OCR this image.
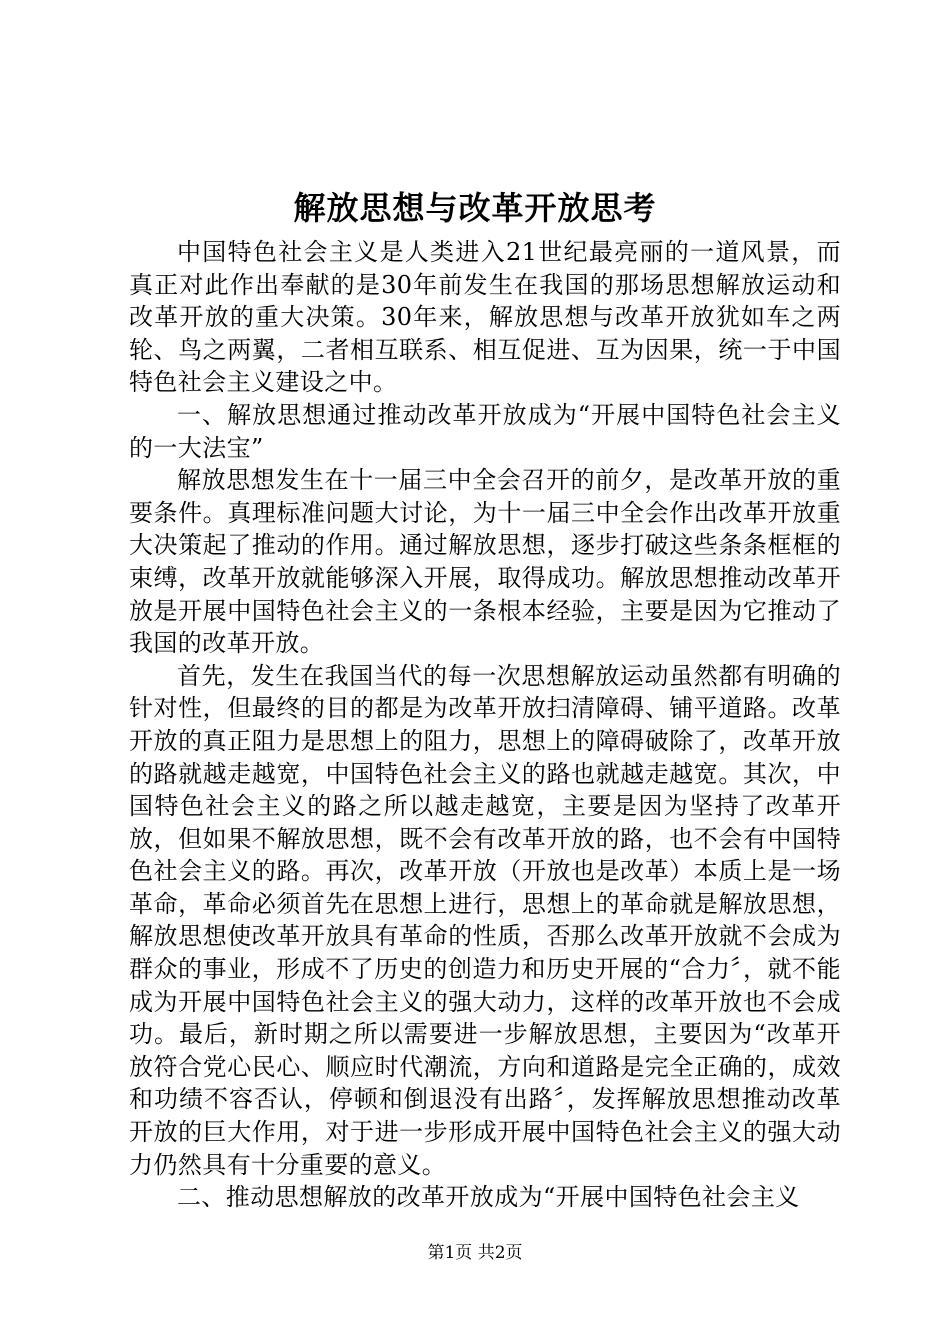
解放思想与改革开放思考

中国特色社会主义是人类进入21世纪最亮丽的一道风景，而真正对此作出奉献的是30年前发生在我国的那场思想解放运动和改革开放的重大决策。30年来，解放思想与改革开放犹如车之两轮、鸟之两翼，二者相互联系、相互促进、互为因果，统一于中国特色社会主义建设之中。

一、解放思想通过推动改革开放成为“开展中国特色社会主义的一大法宝”

解放思想发生在十一届三中全会召开的前夕，是改革开放的重要条件。真理标准问题大讨论，为十一届三中全会作出改革开放重大决策起了推动的作用。通过解放思想，逐步打破这些条条框框的束缚，改革开放就能够深入开展，取得成功。解放思想推动改革开放是开展中国特色社会主义的一条根本经验，主要是因为它推动了我国的改革开放。

首先，发生在我国当代的每一次思想解放运动虽然都有明确的针对性，但最终的目的都是为改革开放扫清障碍、铺平道路。改革开放的真正阻力是思想上的阻力，思想上的障碍破除了，改革开放的路就越走越宽，中国特色社会主义的路也就越走越宽。其次，中国特色社会主义的路之所以越走越宽，主要是因为坚持了改革开放，但如果不解放思想，既不会有改革开放的路，也不会有中国特色社会主义的路。再次，改革开放（开放也是改革）本质上是一场革命，革命必须首先在思想上进行，思想上的革命就是解放思想，解放思想使改革开放具有革命的性质，否那么改革开放就不会成为群众的事业，形成不了历史的创造力和历史开展的“合力〞，就不能成为开展中国特色社会主义的强大动力，这样的改革开放也不会成功。最后，新时期之所以需要进一步解放思想，主要因为“改革开放符合党心民心、顺应时代潮流，方向和道路是完全正确的，成效和功绩不容否认，停顿和倒退没有出路〞，发挥解放思想推动改革开放的巨大作用，对于进一步形成开展中国特色社会主义的强大动力仍然具有十分重要的意义。

二、推动思想解放的改革开放成为“开展中国特色社会主义

第1页 共2页
